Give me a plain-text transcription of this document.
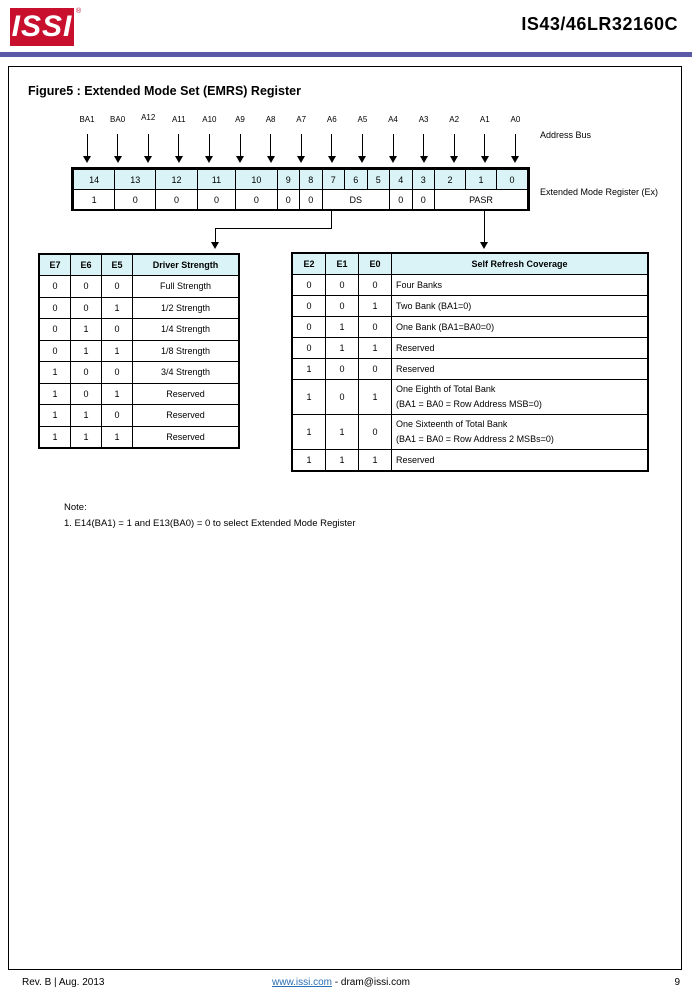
ISSI ®
IS43/46LR32160C
Figure5 : Extended Mode Set (EMRS) Register
BA1	BA0	A12	A11	A10	A9	A8	A7	A6	A5	A4	A3	A2	A1	A0
Address Bus
14	13	12	11	10	9	8	7	6	5	4	3	2	1	0
1	0	0	0	0	0	0	DS			0	0	PASR		
Extended Mode Register (Ex)
E7	E6	E5	Driver Strength
0	0	0	Full Strength
0	0	1	1/2 Strength
0	1	0	1/4 Strength
0	1	1	1/8 Strength
1	0	0	3/4 Strength
1	0	1	Reserved
1	1	0	Reserved
1	1	1	Reserved
E2	E1	E0	Self Refresh Coverage
0	0	0	Four Banks

0	0	1	Two Bank (BA1=0)

0	1	0	One Bank (BA1=BA0=0)

0	1	1	Reserved

1	0	0	Reserved

1	0	1	One Eighth of Total Bank
(BA1 = BA0 = Row Address MSB=0)

1	1	0	One Sixteenth of Total Bank
(BA1 = BA0 = Row Address 2 MSBs=0)

1	1	1	Reserved
Note:
1. E14(BA1) = 1 and E13(BA0) = 0 to select Extended Mode Register
Rev. B | Aug. 2013	www.issi.com - dram@issi.com	9
